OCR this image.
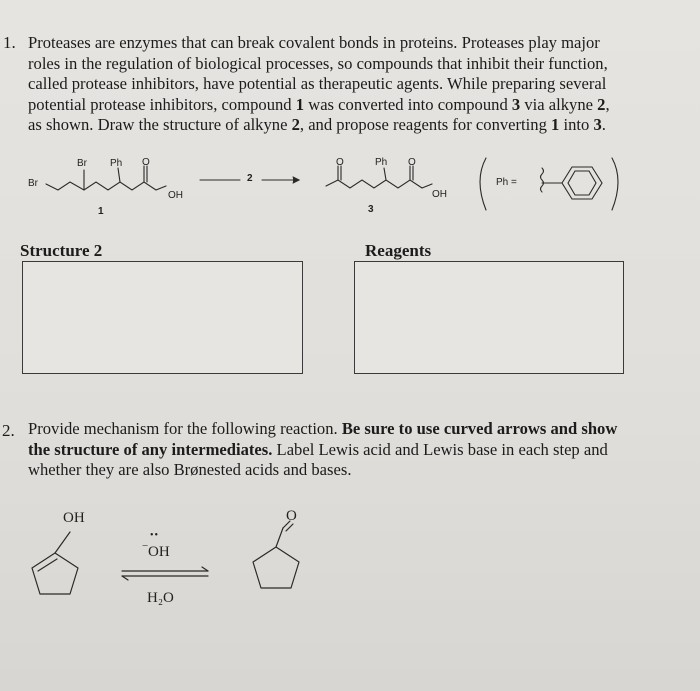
1. Proteases are enzymes that can break covalent bonds in proteins. Proteases play major
roles in the regulation of biological processes, so compounds that inhibit their function,
called protease inhibitors, have potential as therapeutic agents. While preparing several
potential protease inhibitors, compound 1 was converted into compound 3 via alkyne 2,
as shown. Draw the structure of alkyne 2, and propose reagents for converting 1 into 3.
Br Ph O
Br
OH
1
2
O	Ph O
OH
3
Ph =
Structure 2	Reagents
2. Provide mechanism for the following reaction. Be sure to use curved arrows and show
the structure of any intermediates. Label Lewis acid and Lewis base in each step and
whether they are also Brønested acids and bases.
OH	O
••
− OH
H₂O
